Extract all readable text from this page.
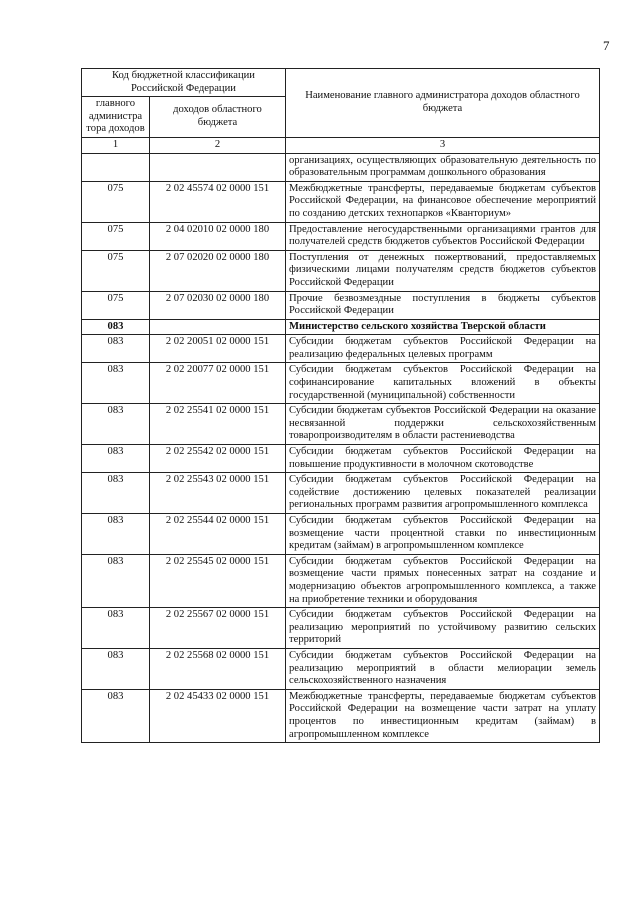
7
Код бюджетной классификации Российской Федерации		Наименование главного администратора доходов областного бюджета
главного администра тора доходов	доходов областного бюджета	
1	2	3
		организациях, осуществляющих образовательную деятельность по образовательным программам дошкольного образования
075	2 02 45574 02 0000 151	Межбюджетные трансферты, передаваемые бюджетам субъектов Российской Федерации, на финансовое обеспечение мероприятий по созданию детских технопарков «Кванториум»
075	2 04 02010 02 0000 180	Предоставление негосударственными организациями грантов для получателей средств бюджетов субъектов Российской Федерации
075	2 07 02020 02 0000 180	Поступления от денежных пожертвований, предоставляемых физическими лицами получателям средств бюджетов субъектов Российской Федерации
075	2 07 02030 02 0000 180	Прочие безвозмездные поступления в бюджеты субъектов Российской Федерации
083		Министерство сельского хозяйства Тверской области
083	2 02 20051 02 0000 151	Субсидии бюджетам субъектов Российской Федерации на реализацию федеральных целевых программ
083	2 02 20077 02 0000 151	Субсидии бюджетам субъектов Российской Федерации на софинансирование капитальных вложений в объекты государственной (муниципальной) собственности
083	2 02 25541 02 0000 151	Субсидии бюджетам субъектов Российской Федерации на оказание несвязанной поддержки сельскохозяйственным товаропроизводителям в области растениеводства
083	2 02 25542 02 0000 151	Субсидии бюджетам субъектов Российской Федерации на повышение продуктивности в молочном скотоводстве
083	2 02 25543 02 0000 151	Субсидии бюджетам субъектов Российской Федерации на содействие достижению целевых показателей реализации региональных программ развития агропромышленного комплекса
083	2 02 25544 02 0000 151	Субсидии бюджетам субъектов Российской Федерации на возмещение части процентной ставки по инвестиционным кредитам (займам) в агропромышленном комплексе
083	2 02 25545 02 0000 151	Субсидии бюджетам субъектов Российской Федерации на возмещение части прямых понесенных затрат на создание и модернизацию объектов агропромышленного комплекса, а также на приобретение техники и оборудования
083	2 02 25567 02 0000 151	Субсидии бюджетам субъектов Российской Федерации на реализацию мероприятий по устойчивому развитию сельских территорий
083	2 02 25568 02 0000 151	Субсидии бюджетам субъектов Российской Федерации на реализацию мероприятий в области мелиорации земель сельскохозяйственного назначения
083	2 02 45433 02 0000 151	Межбюджетные трансферты, передаваемые бюджетам субъектов Российской Федерации на возмещение части затрат на уплату процентов по инвестиционным кредитам (займам) в агропромышленном комплексе
